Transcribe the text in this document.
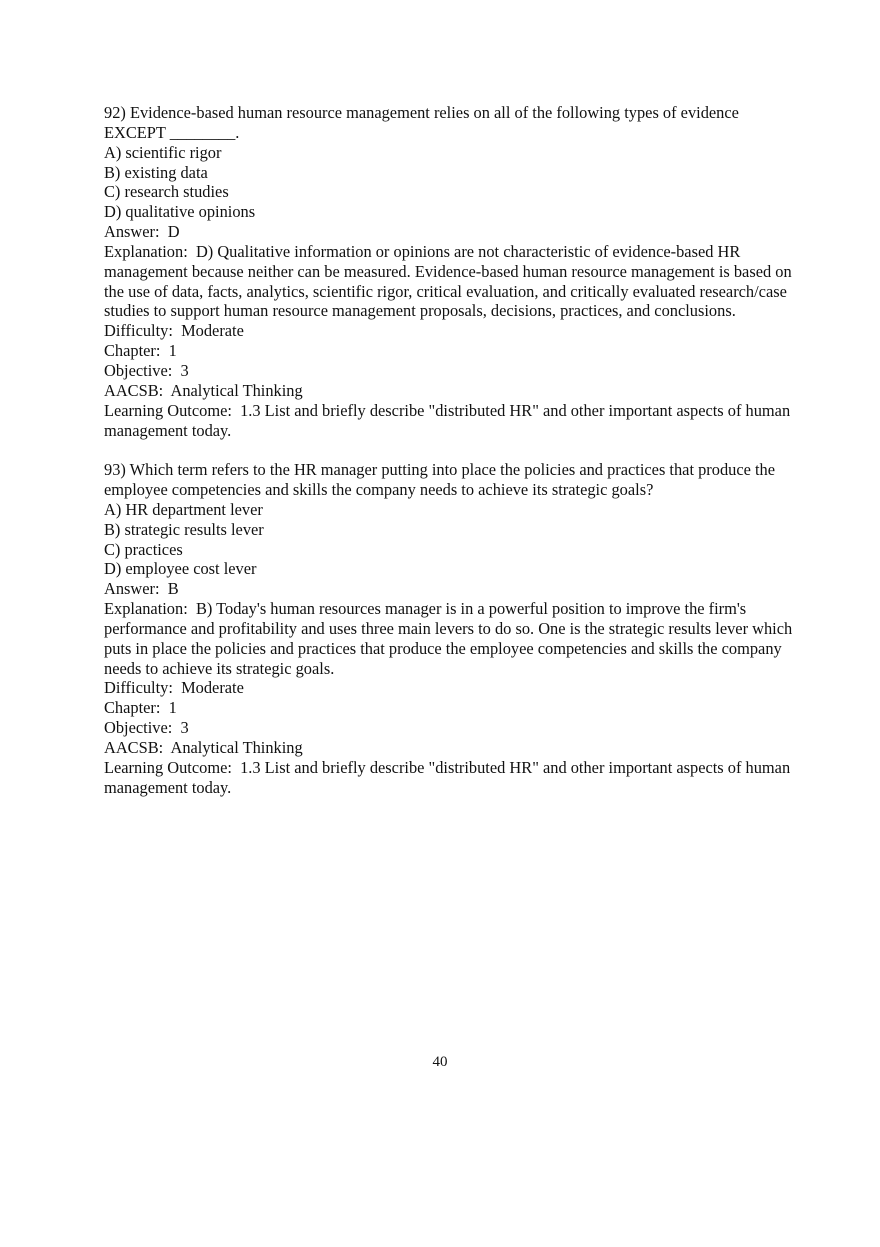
92) Evidence-based human resource management relies on all of the following types of evidence EXCEPT ________.
A) scientific rigor
B) existing data
C) research studies
D) qualitative opinions
Answer:  D
Explanation:  D) Qualitative information or opinions are not characteristic of evidence-based HR management because neither can be measured. Evidence-based human resource management is based on the use of data, facts, analytics, scientific rigor, critical evaluation, and critically evaluated research/case studies to support human resource management proposals, decisions, practices, and conclusions.
Difficulty:  Moderate
Chapter:  1
Objective:  3
AACSB:  Analytical Thinking
Learning Outcome:  1.3 List and briefly describe "distributed HR" and other important aspects of human management today.
93) Which term refers to the HR manager putting into place the policies and practices that produce the employee competencies and skills the company needs to achieve its strategic goals?
A) HR department lever
B) strategic results lever
C) practices
D) employee cost lever
Answer:  B
Explanation:  B) Today's human resources manager is in a powerful position to improve the firm's performance and profitability and uses three main levers to do so. One is the strategic results lever which puts in place the policies and practices that produce the employee competencies and skills the company needs to achieve its strategic goals.
Difficulty:  Moderate
Chapter:  1
Objective:  3
AACSB:  Analytical Thinking
Learning Outcome:  1.3 List and briefly describe "distributed HR" and other important aspects of human management today.
40
